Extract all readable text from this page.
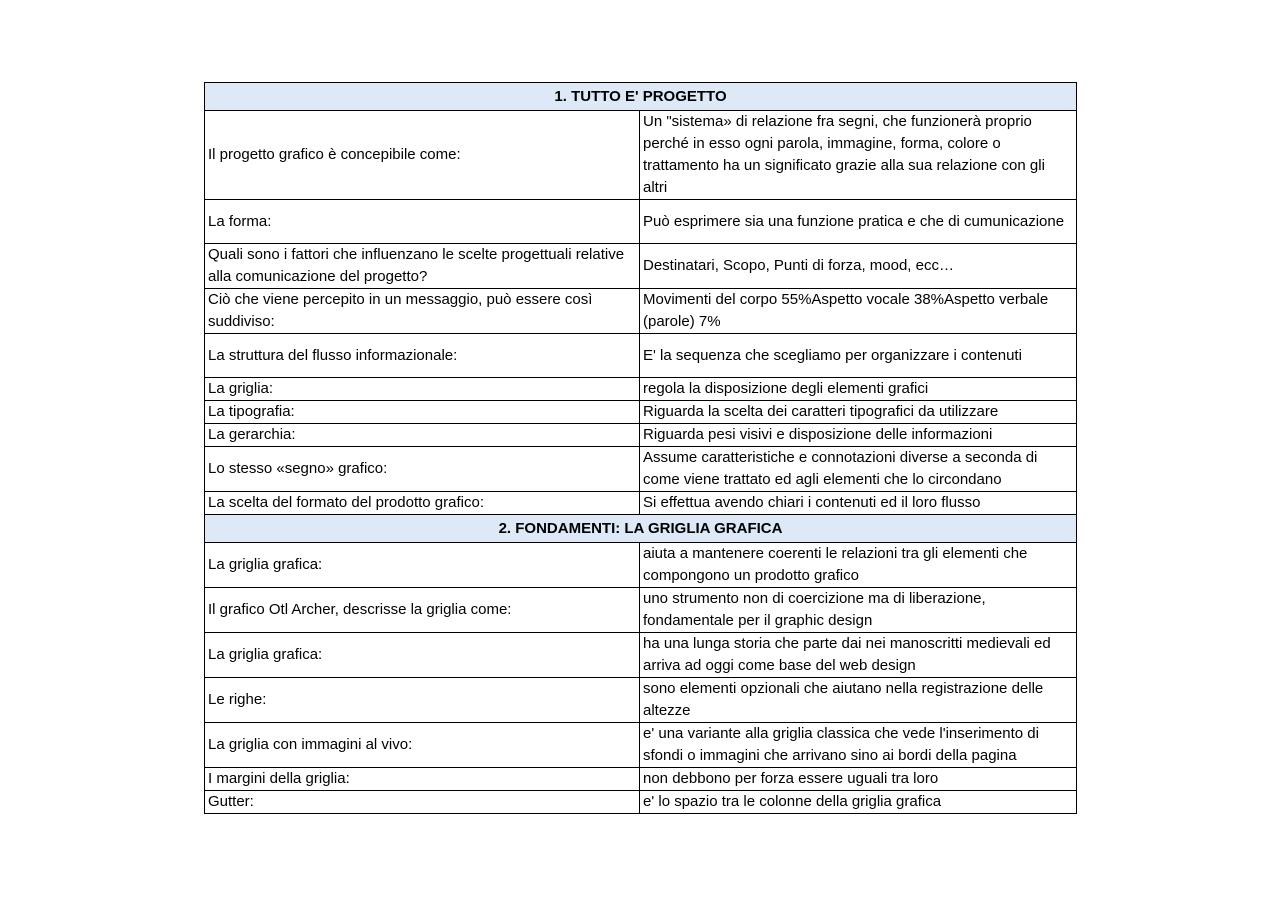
1. TUTTO E' PROGETTO	
Il progetto grafico è concepibile come:	Un "sistema» di relazione fra segni, che funzionerà proprio perché in esso ogni parola, immagine, forma, colore o trattamento ha un significato grazie alla sua relazione con gli altri
La forma:	Può esprimere sia una funzione pratica e che di cumunicazione
Quali sono i fattori che influenzano le scelte progettuali relative alla comunicazione del progetto?	Destinatari, Scopo, Punti di forza, mood, ecc…
Ciò che viene percepito in un messaggio, può essere così suddiviso:	Movimenti del corpo 55%Aspetto vocale 38%Aspetto verbale (parole) 7%
La struttura del flusso informazionale:	E' la sequenza che scegliamo per organizzare i contenuti
La griglia:	regola la disposizione degli elementi grafici
La tipografia:	Riguarda la scelta dei caratteri tipografici da utilizzare
La gerarchia:	Riguarda pesi visivi e disposizione delle informazioni
Lo stesso «segno» grafico:	Assume caratteristiche e connotazioni diverse a seconda di come viene trattato ed agli elementi che lo circondano
La scelta del formato del prodotto grafico:	Si effettua avendo chiari i contenuti ed il loro flusso
2. FONDAMENTI: LA GRIGLIA GRAFICA	
La griglia grafica:	aiuta a mantenere coerenti le relazioni tra gli elementi che compongono un prodotto grafico
Il grafico Otl Archer, descrisse la griglia come:	uno strumento non di coercizione ma di liberazione, fondamentale per il graphic design
La griglia grafica:	ha una lunga storia che parte dai nei manoscritti medievali ed arriva ad oggi come base del web design
Le righe:	sono elementi opzionali che aiutano nella registrazione delle altezze
La griglia con immagini al vivo:	e' una variante alla griglia classica che vede l'inserimento di sfondi o immagini che arrivano sino ai bordi della pagina
I margini della griglia:	non debbono per forza essere uguali tra loro
Gutter:	e' lo spazio tra le colonne della griglia grafica
